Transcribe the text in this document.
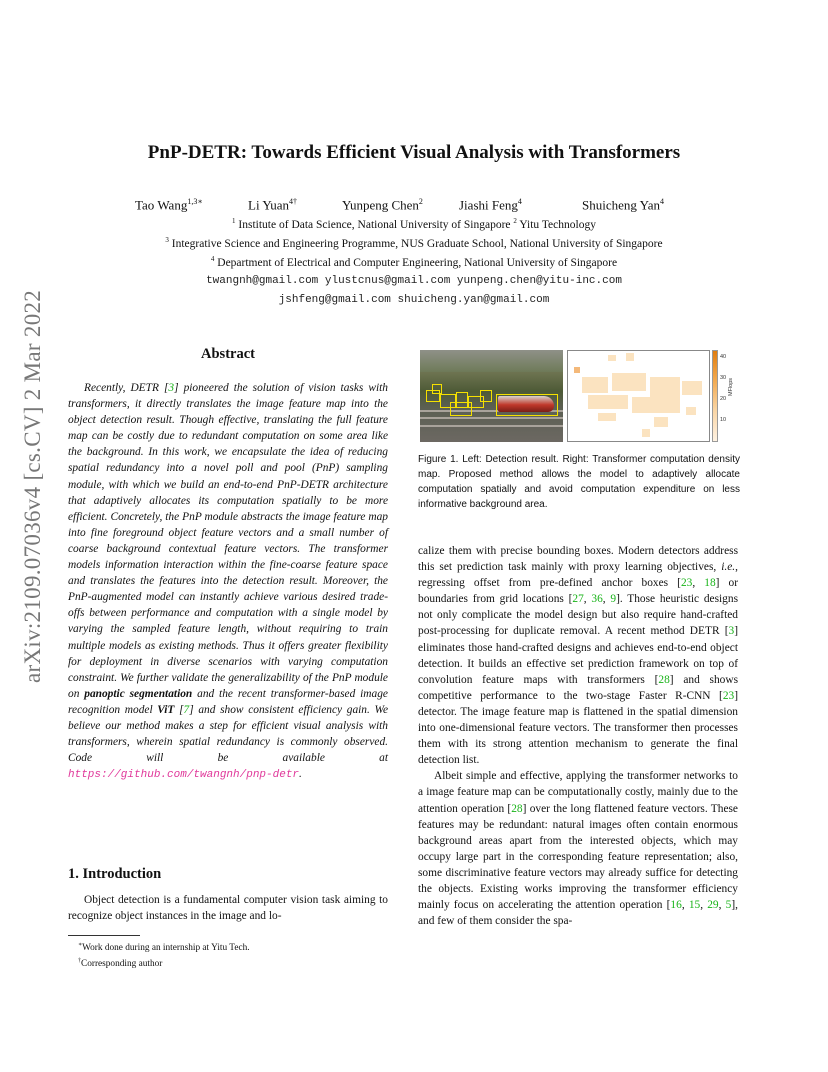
arXiv:2109.07036v4 [cs.CV] 2 Mar 2022
PnP-DETR: Towards Efficient Visual Analysis with Transformers
Tao Wang$^{1,3∗}$	Li Yuan$^{4\dagger}$	Yunpeng Chen$^2$	Jiashi Feng$^4$	Shuicheng Yan$^4$
$^1$ Institute of Data Science, National University of Singapore $^2$ Yitu Technology
$^3$ Integrative Science and Engineering Programme, NUS Graduate School, National University of Singapore
$^4$ Department of Electrical and Computer Engineering, National University of Singapore
twangnh@gmail.com ylustcnus@gmail.com yunpeng.chen@yitu-inc.com
jshfeng@gmail.com shuicheng.yan@gmail.com
Abstract

Recently, DETR [3] pioneered the solution of vision tasks with transformers, it directly translates the image feature map into the object detection result. Though effective, translating the full feature map can be costly due to redundant computation on some area like the background. In this work, we encapsulate the idea of reducing spatial redundancy into a novel poll and pool (PnP) sampling module, with which we build an end-to-end PnP-DETR architecture that adaptively allocates its computation spatially to be more efficient. Concretely, the PnP module abstracts the image feature map into fine foreground object feature vectors and a small number of coarse background contextual feature vectors. The transformer models information interaction within the fine-coarse feature space and translates the features into the detection result. Moreover, the PnP-augmented model can instantly achieve various desired trade-offs between performance and computation with a single model by varying the sampled feature length, without requiring to train multiple models as existing methods. Thus it offers greater flexibility for deployment in diverse scenarios with varying computation constraint. We further validate the generalizability of the PnP module on panoptic segmentation and the recent transformer-based image recognition model ViT [7] and show consistent efficiency gain. We believe our method makes a step for efficient visual analysis with transformers, wherein spatial redundancy is commonly observed. Code will be available at https://github.com/twangnh/pnp-detr.

1. Introduction

Object detection is a fundamental computer vision task aiming to recognize object instances in the image and lo-

∗Work done during an internship at Yitu Tech.
†Corresponding author
40
30
20
10
MFlops
Figure 1. Left: Detection result. Right: Transformer computation density map. Proposed method allows the model to adaptively allocate computation spatially and avoid computation expenditure on less informative background area.

calize them with precise bounding boxes. Modern detectors address this set prediction task mainly with proxy learning objectives, i.e., regressing offset from pre-defined anchor boxes [23, 18] or boundaries from grid locations [27, 36, 9]. Those heuristic designs not only complicate the model design but also require hand-crafted post-processing for duplicate removal. A recent method DETR [3] eliminates those hand-crafted designs and achieves end-to-end object detection. It builds an effective set prediction framework on top of convolution feature maps with transformers [28] and shows competitive performance to the two-stage Faster R-CNN [23] detector. The image feature map is flattened in the spatial dimension into one-dimensional feature vectors. The transformer then processes them with its strong attention mechanism to generate the final detection list.

Albeit simple and effective, applying the transformer networks to a image feature map can be computationally costly, mainly due to the attention operation [28] over the long flattened feature vectors. These features may be redundant: natural images often contain enormous background areas apart from the interested objects, which may occupy large part in the corresponding feature representation; also, some discriminative feature vectors may already suffice for detecting the objects. Existing works improving the transformer efficiency mainly focus on accelerating the attention operation [16, 15, 29, 5], and few of them consider the spa-
